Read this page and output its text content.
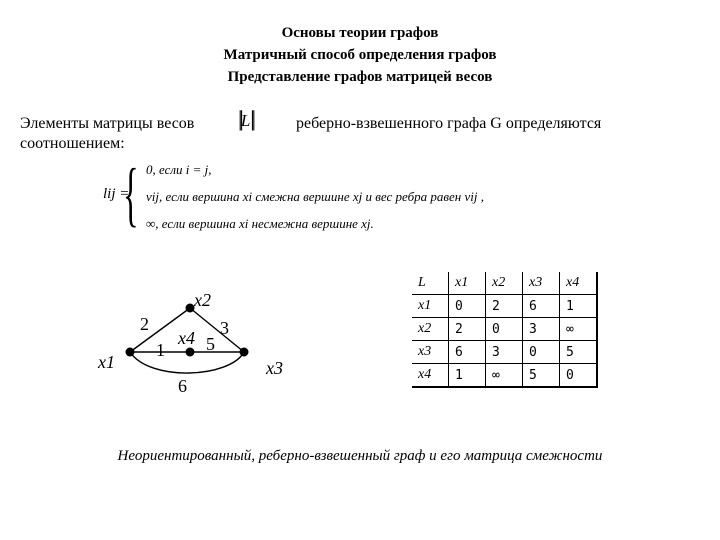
Основы теории графов
Матричный способ определения графов
Представление графов матрицей весов
Элементы матрицы весов ||L||	реберно-взвешенного графа G определяются
соотношением:
lij =
{ 0, если i = j,
vij, если вершина xi смежна вершине xj и вес ребра равен vij ,
∞, если вершина xi несмежна вершине xj.
x1
x2
x3
x4
2	3
1 5
6
L	x1	x2	x3	x4
x1	0	2	6	1
x2	2	0	3	∞
x3	6	3	0	5
x4	1	∞	5	0
Неориентированный, реберно-взвешенный граф и его матрица смежности
